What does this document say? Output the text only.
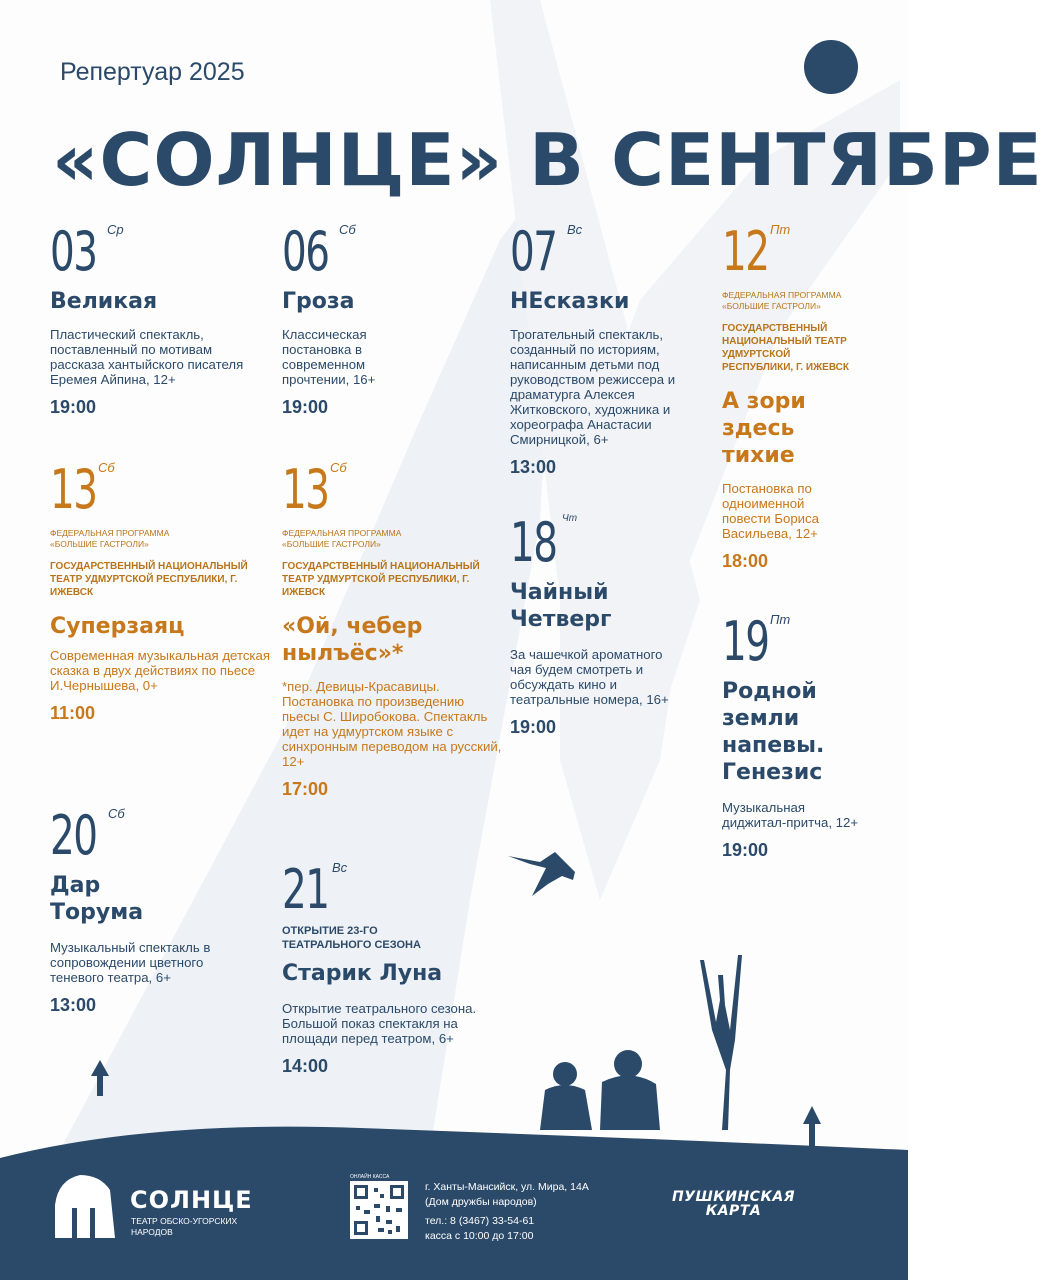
Репертуар 2025
«СОЛНЦЕ» В СЕНТЯБРЕ
03 Ср
Великая
Пластический спектакль, поставленный по мотивам рассказа хантыйского писателя Еремея Айпина, 12+
19:00
13 Сб
ФЕДЕРАЛЬНАЯ ПРОГРАММА «БОЛЬШИЕ ГАСТРОЛИ»
ГОСУДАРСТВЕННЫЙ НАЦИОНАЛЬНЫЙ ТЕАТР УДМУРТСКОЙ РЕСПУБЛИКИ, Г. ИЖЕВСК
Суперзаяц
Современная музыкальная детская сказка в двух действиях по пьесе И.Чернышева, 0+
11:00
20 Сб
Дар Торума
Музыкальный спектакль в сопровождении цветного теневого театра, 6+
13:00
06 Сб
Гроза
Классическая постановка в современном прочтении, 16+
19:00
13 Сб
ФЕДЕРАЛЬНАЯ ПРОГРАММА «БОЛЬШИЕ ГАСТРОЛИ»
ГОСУДАРСТВЕННЫЙ НАЦИОНАЛЬНЫЙ ТЕАТР УДМУРТСКОЙ РЕСПУБЛИКИ, Г. ИЖЕВСК
«Ой, чебер нылъёс»*
*пер. Девицы-Красавицы. Постановка по произведению пьесы С. Широбокова. Спектакль идет на удмуртском языке с синхронным переводом на русский, 12+
17:00
21 Вс
ОТКРЫТИЕ 23-ГО ТЕАТРАЛЬНОГО СЕЗОНА
Старик Луна
Открытие театрального сезона. Большой показ спектакля на площади перед театром, 6+
14:00
07 Вс
НЕсказки
Трогательный спектакль, созданный по историям, написанным детьми под руководством режиссера и драматурга Алексея Житковского, художника и хореографа Анастасии Смирницкой, 6+
13:00
18 Чт
Чайный Четверг
За чашечкой ароматного чая будем смотреть и обсуждать кино и театральные номера, 16+
19:00
12 Пт
ФЕДЕРАЛЬНАЯ ПРОГРАММА «БОЛЬШИЕ ГАСТРОЛИ»
ГОСУДАРСТВЕННЫЙ НАЦИОНАЛЬНЫЙ ТЕАТР УДМУРТСКОЙ РЕСПУБЛИКИ, Г. ИЖЕВСК
А зори здесь тихие
Постановка по одноименной повести Бориса Васильева, 12+
18:00
19 Пт
Родной земли напевы. Генезис
Музыкальная диджитал-притча, 12+
19:00
СОЛНЦЕ
ТЕАТР ОБСКО-УГОРСКИХ НАРОДОВ
ОНЛАЙН КАССА
г. Ханты-Мансийск, ул. Мира, 14А (Дом дружбы народов)
тел.: 8 (3467) 33-54-61
касса с 10:00 до 17:00
ПУШКИНСКАЯ
КАРТА
